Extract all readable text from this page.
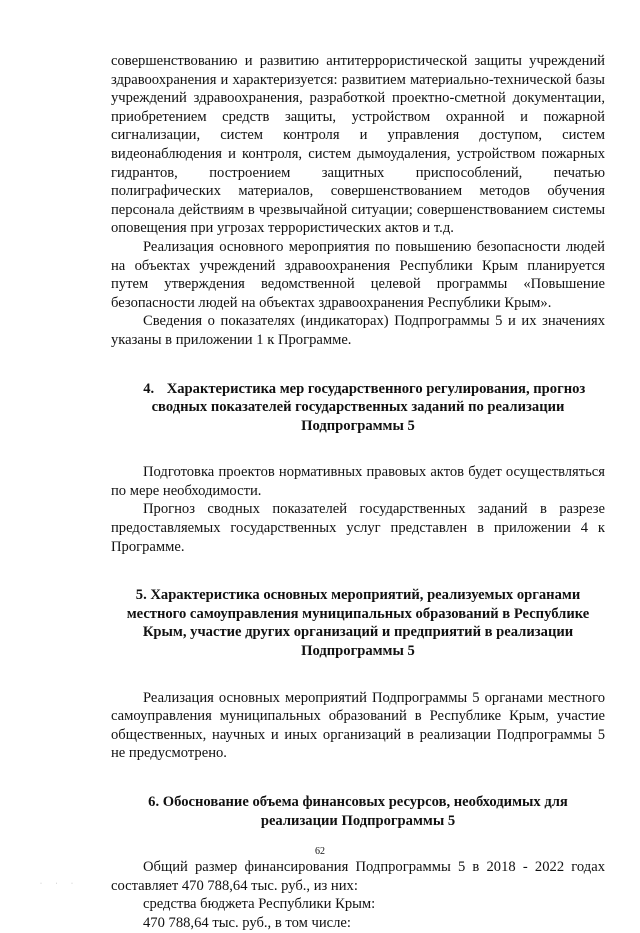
совершенствованию и развитию антитеррористической защиты учреждений здравоохранения и характеризуется: развитием материально-технической базы учреждений здравоохранения, разработкой проектно-сметной документации, приобретением средств защиты, устройством охранной и пожарной сигнализации, систем контроля и управления доступом, систем видеонаблюдения и контроля, систем дымоудаления, устройством пожарных гидрантов, построением защитных приспособлений, печатью полиграфических материалов, совершенствованием методов обучения персонала действиям в чрезвычайной ситуации; совершенствованием системы оповещения при угрозах террористических актов и т.д.

Реализация основного мероприятия по повышению безопасности людей на объектах учреждений здравоохранения Республики Крым планируется путем утверждения ведомственной целевой программы «Повышение безопасности людей на объектах здравоохранения Республики Крым».

Сведения о показателях (индикаторах) Подпрограммы 5 и их значениях указаны в приложении 1 к Программе.

4. Характеристика мер государственного регулирования, прогноз

сводных показателей государственных заданий по реализации

Подпрограммы 5

Подготовка проектов нормативных правовых актов будет осуществляться по мере необходимости.

Прогноз сводных показателей государственных заданий в разрезе предоставляемых государственных услуг представлен в приложении 4 к Программе.

5. Характеристика основных мероприятий, реализуемых органами

местного самоуправления муниципальных образований в Республике

Крым, участие других организаций и предприятий в реализации

Подпрограммы 5

Реализация основных мероприятий Подпрограммы 5 органами местного самоуправления муниципальных образований в Республике Крым, участие общественных, научных и иных организаций в реализации Подпрограммы 5 не предусмотрено.

6. Обоснование объема финансовых ресурсов, необходимых для

реализации Подпрограммы 5

Общий размер финансирования Подпрограммы 5 в 2018 - 2022 годах составляет 470 788,64 тыс. руб., из них:

средства бюджета Республики Крым:

470 788,64 тыс. руб., в том числе:

62
· · ·
